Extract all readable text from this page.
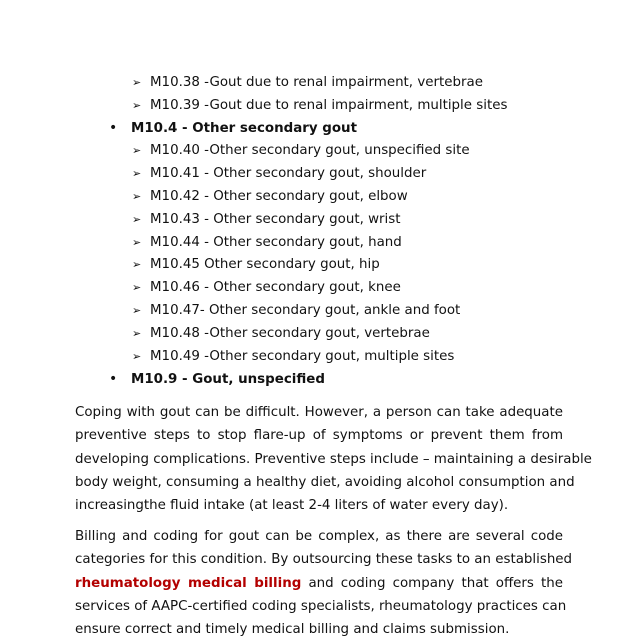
➢ M10.38 -Gout due to renal impairment, vertebrae
➢ M10.39 -Gout due to renal impairment, multiple sites
• M10.4 - Other secondary gout
➢ M10.40 -Other secondary gout, unspecified site
➢ M10.41 - Other secondary gout, shoulder
➢ M10.42 - Other secondary gout, elbow
➢ M10.43 - Other secondary gout, wrist
➢ M10.44 - Other secondary gout, hand
➢ M10.45 Other secondary gout, hip
➢ M10.46 - Other secondary gout, knee
➢ M10.47- Other secondary gout, ankle and foot
➢ M10.48 -Other secondary gout, vertebrae
➢ M10.49 -Other secondary gout, multiple sites
• M10.9 - Gout, unspecified
Coping with gout can be difficult. However, a person can take adequate
preventive steps to stop flare-up of symptoms or prevent them from
developing complications. Preventive steps include – maintaining a desirable
body weight, consuming a healthy diet, avoiding alcohol consumption and
increasingthe fluid intake (at least 2-4 liters of water every day).
Billing and coding for gout can be complex, as there are several code
categories for this condition. By outsourcing these tasks to an established
rheumatology medical billing and coding company that offers the
services of AAPC-certified coding specialists, rheumatology practices can
ensure correct and timely medical billing and claims submission.
